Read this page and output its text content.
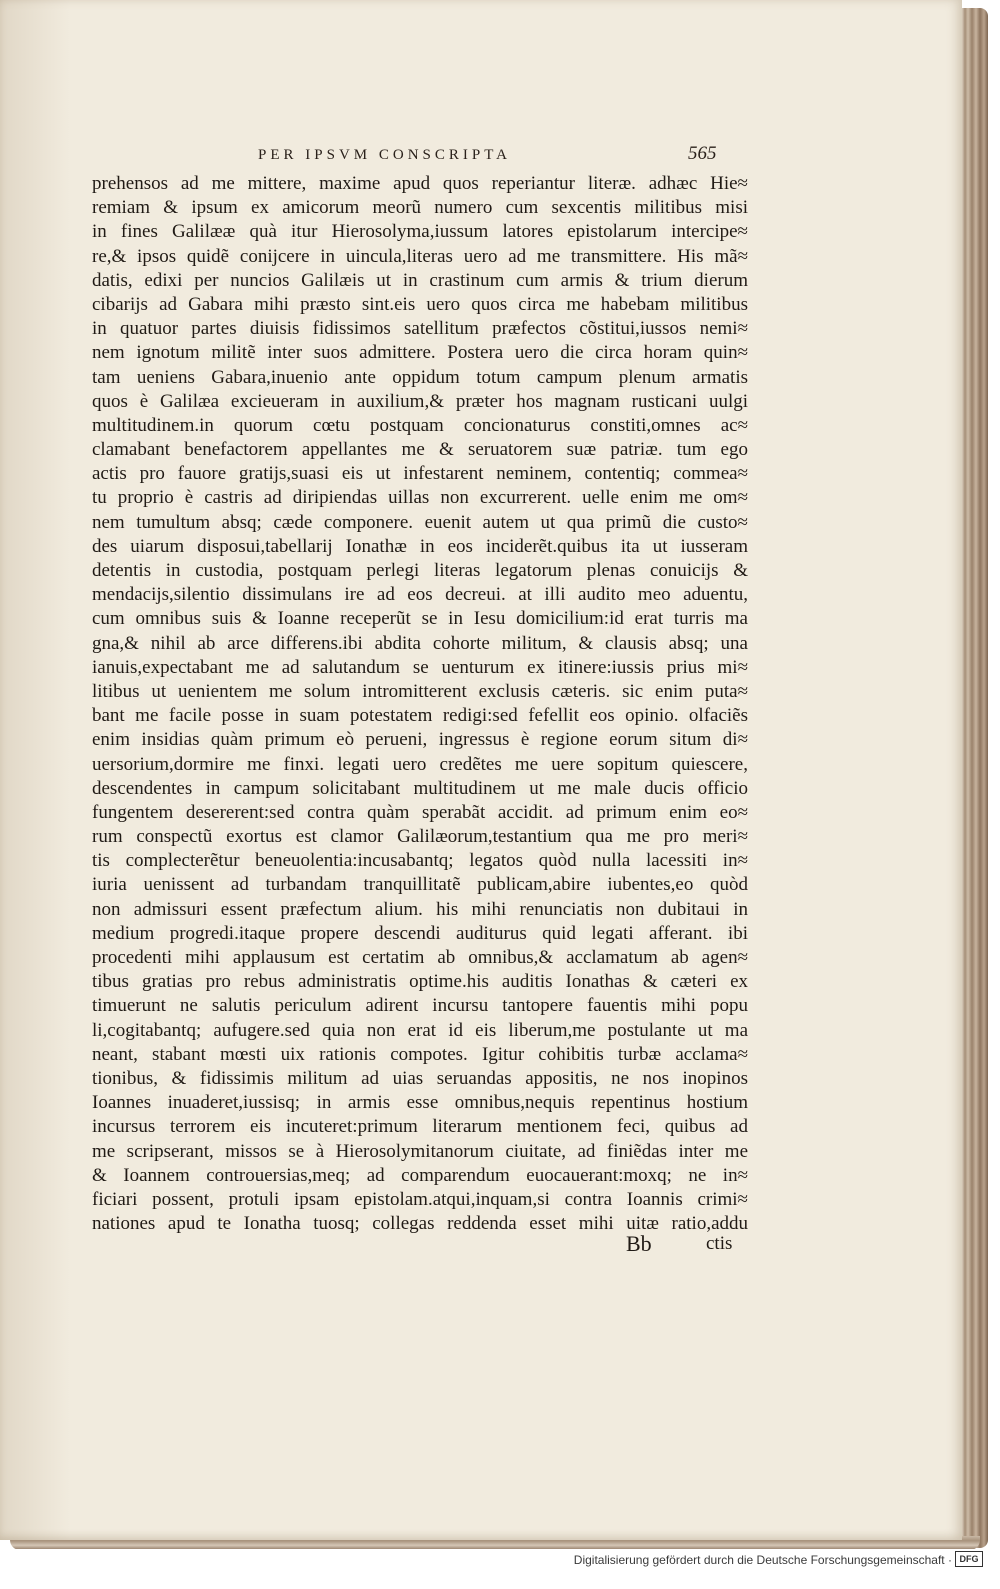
PER IPSVM CONSCRIPTA	565
prehensos ad me mittere, maxime apud quos reperiantur literæ. adhæc Hie≈
remiam & ipsum ex amicorum meorũ numero cum sexcentis militibus misi
in fines Galilææ quà itur Hierosolyma,iussum latores epistolarum intercipe≈
re,& ipsos quidẽ conijcere in uincula,literas uero ad me transmittere. His mã≈
datis, edixi per nuncios Galilæis ut in crastinum cum armis & trium dierum
cibarijs ad Gabara mihi præsto sint.eis uero quos circa me habebam militibus
in quatuor partes diuisis fidissimos satellitum præfectos cõstitui,iussos nemi≈
nem ignotum militẽ inter suos admittere. Postera uero die circa horam quin≈
tam ueniens Gabara,inuenio ante oppidum totum campum plenum armatis
quos è Galilæa excieueram in auxilium,& præter hos magnam rusticani uulgi
multitudinem.in quorum cœtu postquam concionaturus constiti,omnes ac≈
clamabant benefactorem appellantes me & seruatorem suæ patriæ. tum ego
actis pro fauore gratijs,suasi eis ut infestarent neminem, contentiq; commea≈
tu proprio è castris ad diripiendas uillas non excurrerent. uelle enim me om≈
nem tumultum absq; cæde componere. euenit autem ut qua primũ die custo≈
des uiarum disposui,tabellarij Ionathæ in eos inciderẽt.quibus ita ut iusseram
detentis in custodia, postquam perlegi literas legatorum plenas conuicijs &
mendacijs,silentio dissimulans ire ad eos decreui. at illi audito meo aduentu,
cum omnibus suis & Ioanne receperũt se in Iesu domicilium:id erat turris ma
gna,& nihil ab arce differens.ibi abdita cohorte militum, & clausis absq; una
ianuis,expectabant me ad salutandum se uenturum ex itinere:iussis prius mi≈
litibus ut uenientem me solum intromitterent exclusis cæteris. sic enim puta≈
bant me facile posse in suam potestatem redigi:sed fefellit eos opinio. olfaciẽs
enim insidias quàm primum eò perueni, ingressus è regione eorum situm di≈
uersorium,dormire me finxi. legati uero credẽtes me uere sopitum quiescere,
descendentes in campum solicitabant multitudinem ut me male ducis officio
fungentem desererent:sed contra quàm sperabãt accidit. ad primum enim eo≈
rum conspectũ exortus est clamor Galilæorum,testantium qua me pro meri≈
tis complecterẽtur beneuolentia:incusabantq; legatos quòd nulla lacessiti in≈
iuria uenissent ad turbandam tranquillitatẽ publicam,abire iubentes,eo quòd
non admissuri essent præfectum alium. his mihi renunciatis non dubitaui in
medium progredi.itaque propere descendi auditurus quid legati afferant. ibi
procedenti mihi applausum est certatim ab omnibus,& acclamatum ab agen≈
tibus gratias pro rebus administratis optime.his auditis Ionathas & cæteri ex
timuerunt ne salutis periculum adirent incursu tantopere fauentis mihi popu
li,cogitabantq; aufugere.sed quia non erat id eis liberum,me postulante ut ma
neant, stabant mœsti uix rationis compotes. Igitur cohibitis turbæ acclama≈
tionibus, & fidissimis militum ad uias seruandas appositis, ne nos inopinos
Ioannes inuaderet,iussisq; in armis esse omnibus,nequis repentinus hostium
incursus terrorem eis incuteret:primum literarum mentionem feci, quibus ad
me scripserant, missos se à Hierosolymitanorum ciuitate, ad finiẽdas inter me
& Ioannem controuersias,meq; ad comparendum euocauerant:moxq; ne in≈
ficiari possent, protuli ipsam epistolam.atqui,inquam,si contra Ioannis crimi≈
nationes apud te Ionatha tuosq; collegas reddenda esset mihi uitæ ratio,addu
Bb	ctis
Digitalisierung gefördert durch die Deutsche Forschungsgemeinschaft · DFG
